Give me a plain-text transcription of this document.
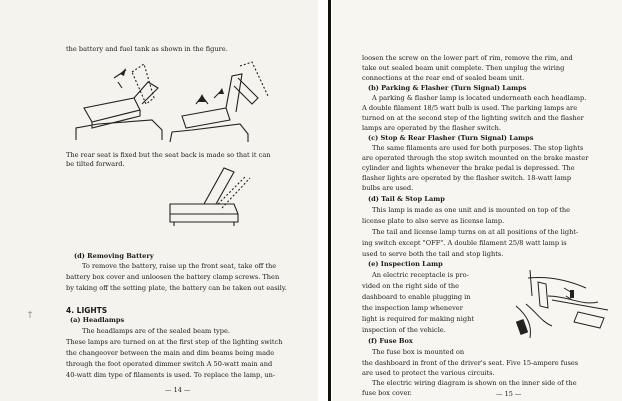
the battery and fuel tank as shown in the figure.
The rear seat is fixed but the seat back is made so that it can
be tilted forward.
(d) Removing Battery
To remove the battery, raise up the front seat, take off the
battery box cover and unloosen the battery clamp screws. Then
by taking off the setting plate, the battery can be taken out easily.
4. LIGHTS
(a) Headlamps
The headlamps are of the sealed beam type.
These lamps are turned on at the first step of the lighting switch
the changeover between the main and dim beams being made
through the foot operated dimmer switch A 50-watt main and
40-watt dim type of filaments is used. To replace the lamp, un-
— 14 —
†
loosen the screw on the lower part of rim, remove the rim, and
take out sealed beam unit complete. Then unplug the wiring
connections at the rear end of sealed beam unit.
(b) Parking & Flasher (Turn Signal) Lamps
A parking & flasher lamp is located underneath each headlamp.
A double filament 18/5 watt bulb is used. The parking lamps are
turned on at the second step of the lighting switch and the flasher
lamps are operated by the flasher switch.
(c) Stop & Rear Flasher (Turn Signal) Lamps
The same filaments are used for both purposes. The stop lights
are operated through the stop switch mounted on the brake master
cylinder and lights whenever the brake pedal is depressed. The
flasher lights are operated by the flasher switch. 18-watt lamp
bulbs are used.
(d) Tail & Stop Lamp
This lamp is made as one unit and is mounted on top of the
license plate to also serve as license lamp.
The tail and license lamp turns on at all positions of the light-
ing switch except "OFF". A double filament 25/8 watt lamp is
used to serve both the tail and stop lights.
(e) Inspection Lamp
An electric receptacle is pro-
vided on the right side of the
dashboard to enable plugging in
the inspection lamp whenever
light is required for making night
inspection of the vehicle.
(f) Fuse Box
The fuse box is mounted on
the dashboard in front of the driver's seat. Five 15-ampere fuses
are used to protect the various circuits.
The electric wiring diagram is shown on the inner side of the
fuse box cover.	— 15 —
